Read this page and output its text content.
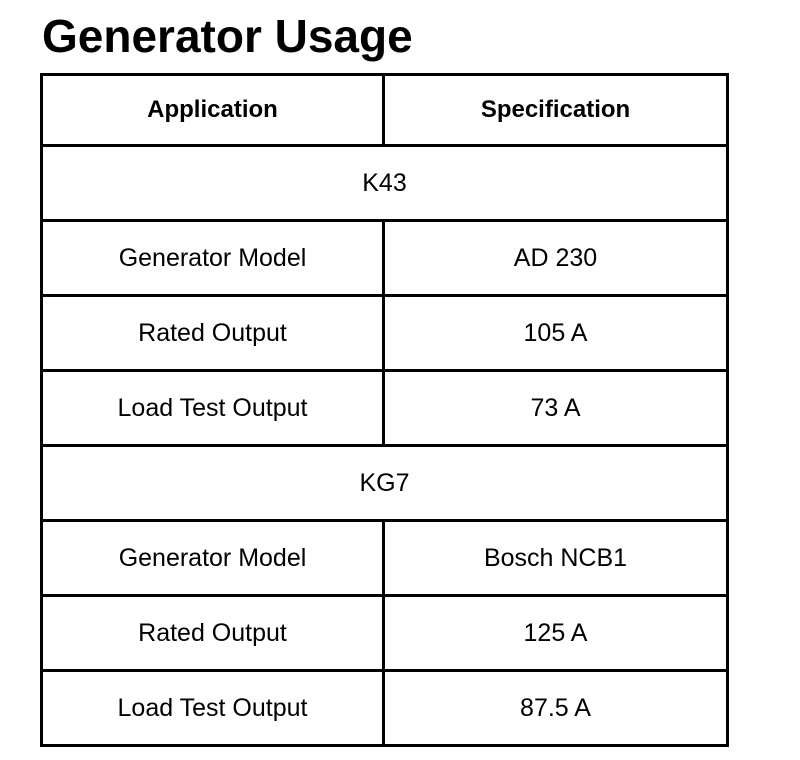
Generator Usage
Application	Specification
K43	
Generator Model	AD 230
Rated Output	105 A
Load Test Output	73 A
KG7	
Generator Model	Bosch NCB1
Rated Output	125 A
Load Test Output	87.5 A
